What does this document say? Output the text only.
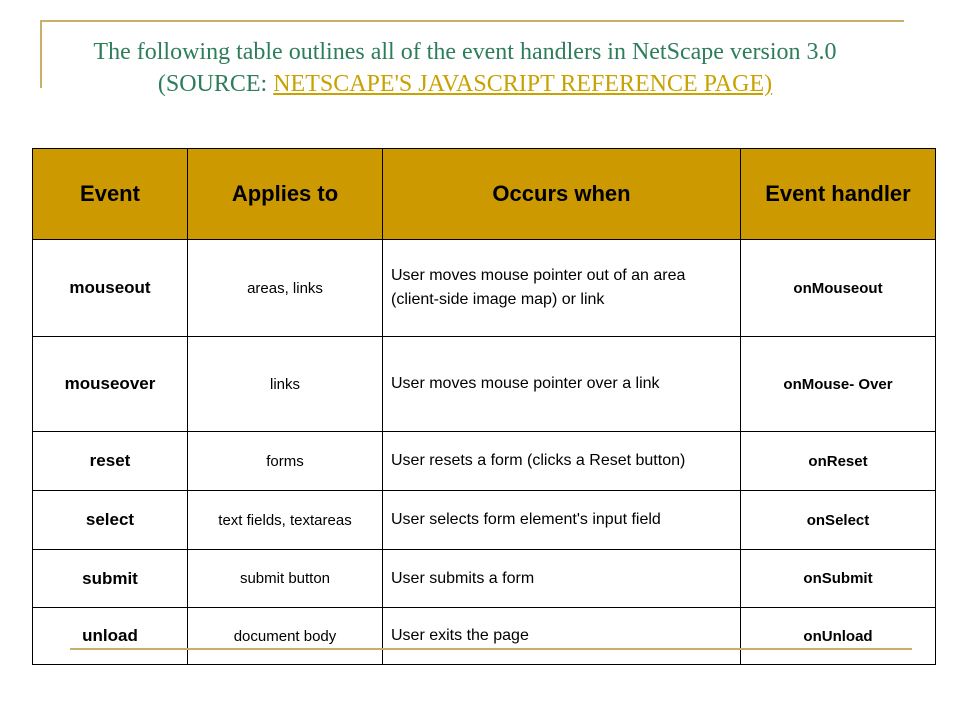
The following table outlines all of the event handlers in NetScape version 3.0
(SOURCE: NETSCAPE'S JAVASCRIPT REFERENCE PAGE)
Event	Applies to	Occurs when	Event handler
mouseout	areas, links	User moves mouse pointer out of an area (client-side image map) or link	onMouseout
mouseover	links	User moves mouse pointer over a link	onMouse- Over
reset	forms	User resets a form (clicks a Reset button)	onReset
select	text fields, textareas	User selects form element's input field	onSelect
submit	submit button	User submits a form	onSubmit
unload	document body	User exits the page	onUnload
